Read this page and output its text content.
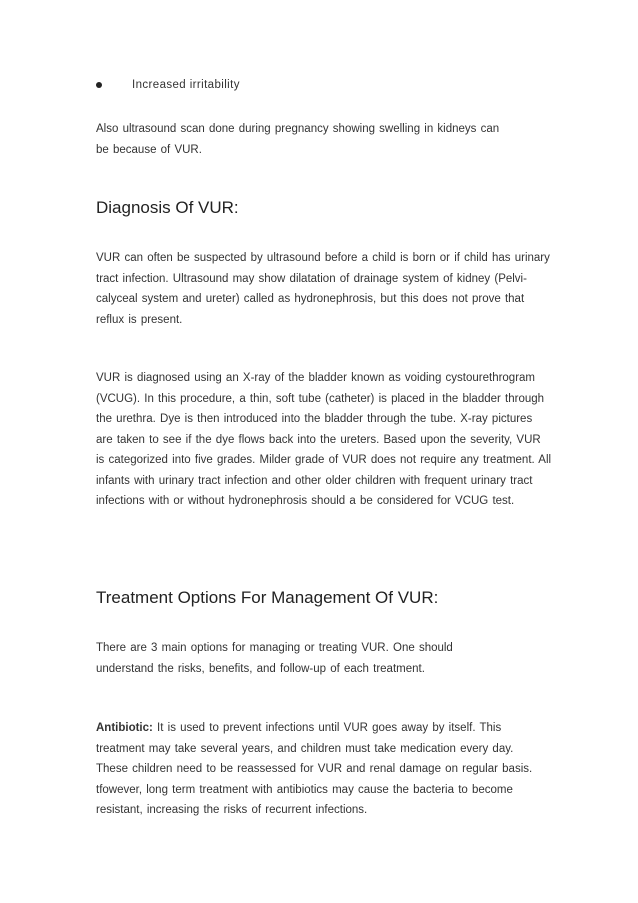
Increased irritability

Also ultrasound scan done during pregnancy showing swelling in kidneys can
be because of VUR.

Diagnosis Of VUR:

VUR can often be suspected by ultrasound before a child is born or if child has urinary tract infection. Ultrasound may show dilatation of drainage system of kidney (Pelvi-calyceal system and ureter) called as hydronephrosis, but this does not prove that reflux is present.

VUR is diagnosed using an X-ray of the bladder known as voiding cystourethrogram (VCUG). In this procedure, a thin, soft tube (catheter) is placed in the bladder through the urethra. Dye is then introduced into the bladder through the tube. X-ray pictures are taken to see if the dye flows back into the ureters. Based upon the severity, VUR is categorized into five grades. Milder grade of VUR does not require any treatment. All infants with urinary tract infection and other older children with frequent urinary tract infections with or without hydronephrosis should a be considered for VCUG test.

Treatment Options For Management Of VUR:

There are 3 main options for managing or treating VUR. One should understand the risks, benefits, and follow-up of each treatment.

Antibiotic: It is used to prevent infections until VUR goes away by itself. This treatment may take several years, and children must take medication every day. These children need to be reassessed for VUR and renal damage on regular basis. tfowever, long term treatment with antibiotics may cause the bacteria to become resistant, increasing the risks of recurrent infections.
